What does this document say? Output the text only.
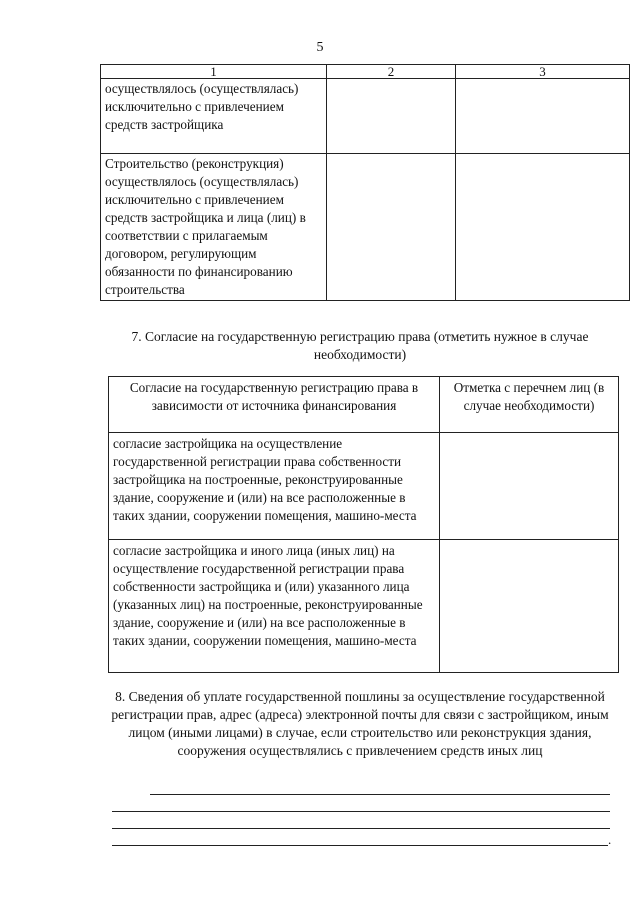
5
1	2	3
осуществлялось (осуществлялась) исключительно с привлечением средств застройщика		
Строительство (реконструкция) осуществлялось (осуществлялась) исключительно с привлечением средств застройщика и лица (лиц) в соответствии с прилагаемым договором, регулирующим обязанности по финансированию строительства		
7. Согласие на государственную регистрацию права (отметить нужное в случае необходимости)
Согласие на государственную регистрацию права в зависимости от источника финансирования	Отметка с перечнем лиц (в случае необходимости)
согласие застройщика на осуществление государственной регистрации права собственности застройщика на построенные, реконструированные здание, сооружение и (или) на все расположенные в таких здании, сооружении помещения, машино-места	
согласие застройщика и иного лица (иных лиц) на осуществление государственной регистрации права собственности застройщика и (или) указанного лица (указанных лиц) на построенные, реконструированные здание, сооружение и (или) на все расположенные в таких здании, сооружении помещения, машино-места	
8. Сведения об уплате государственной пошлины за осуществление государственной регистрации прав, адрес (адреса) электронной почты для связи с застройщиком, иным лицом (иными лицами) в случае, если строительство или реконструкция здания, сооружения осуществлялись с привлечением средств иных лиц
.
